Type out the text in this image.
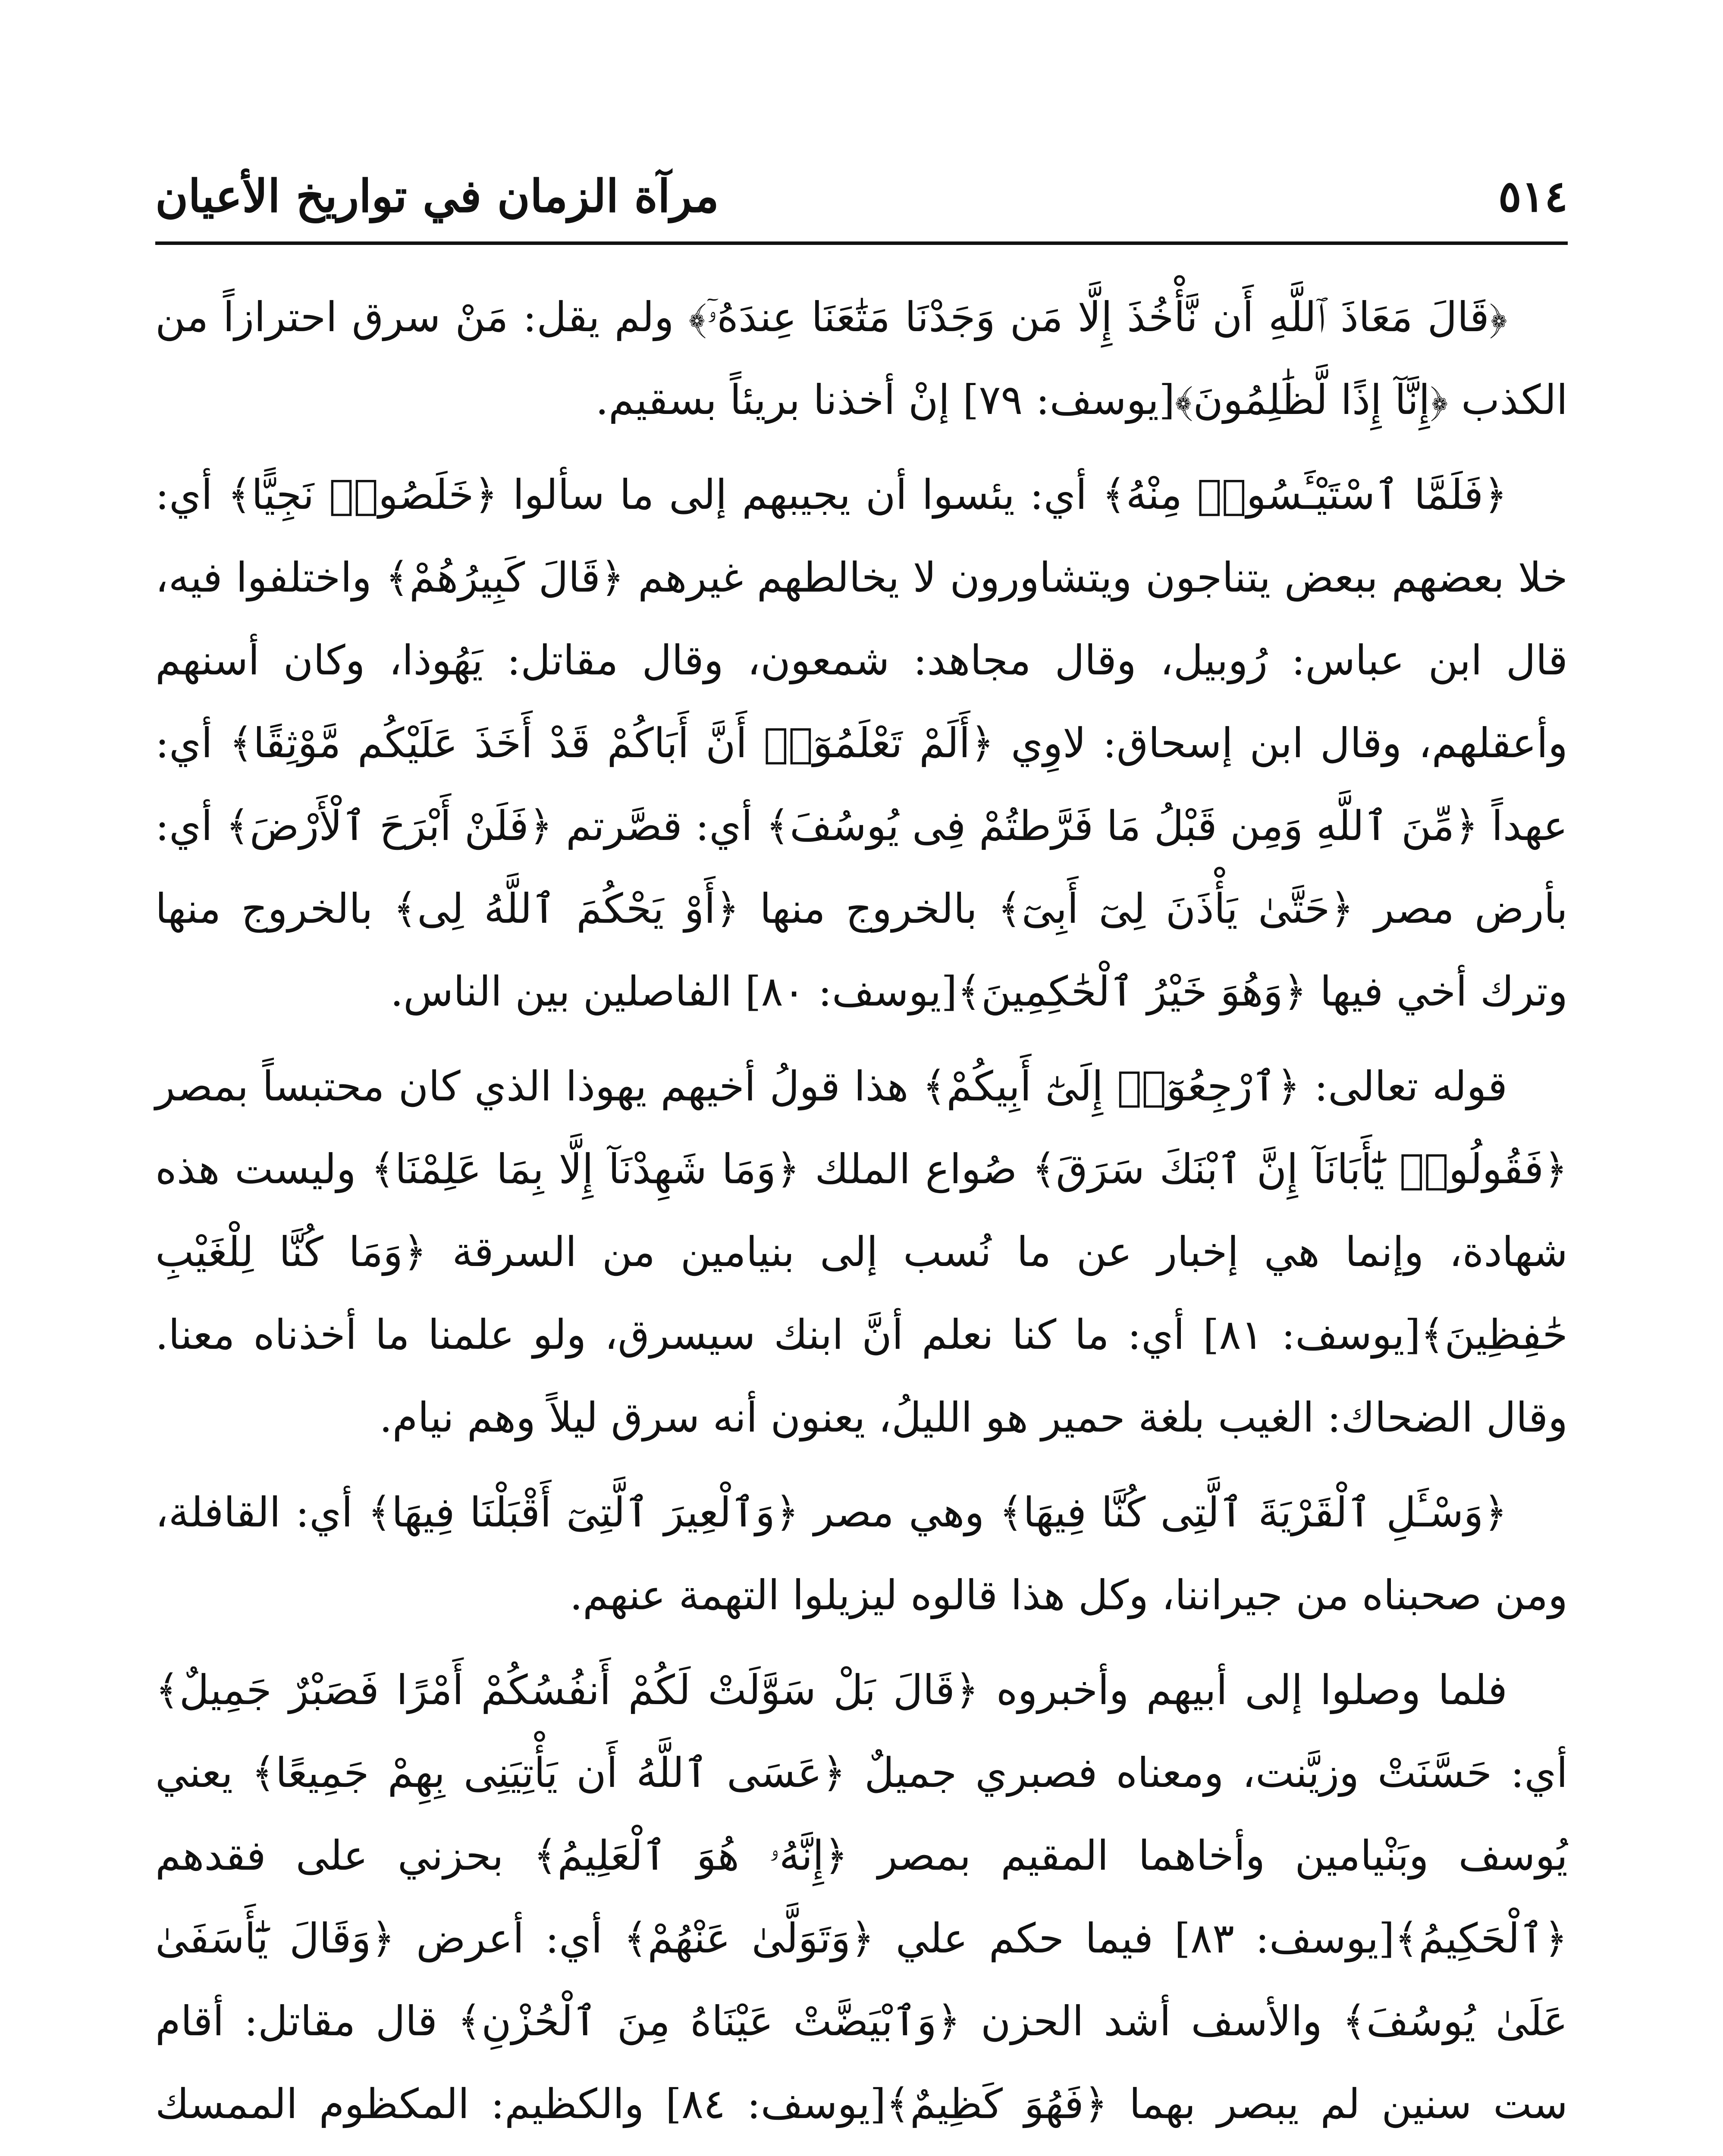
٥١٤
مرآة الزمان في تواريخ الأعيان

﴿قَالَ مَعَاذَ ٱللَّهِ أَن نَّأْخُذَ إِلَّا مَن وَجَدْنَا مَتَٰعَنَا عِندَهُۥٓ﴾ ولم يقل: مَنْ سرق احترازاً من الكذب ﴿إِنَّآ إِذًا لَّظَٰلِمُونَ﴾[يوسف: ٧٩] إنْ أخذنا بريئاً بسقيم.

﴿فَلَمَّا ٱسْتَيْـَٔسُوا۟ مِنْهُ﴾ أي: يئسوا أن يجيبهم إلى ما سألوا ﴿خَلَصُوا۟ نَجِيًّا﴾ أي: خلا بعضهم ببعض يتناجون ويتشاورون لا يخالطهم غيرهم ﴿قَالَ كَبِيرُهُمْ﴾ واختلفوا فيه، قال ابن عباس: رُوبيل، وقال مجاهد: شمعون، وقال مقاتل: يَهُوذا، وكان أسنهم وأعقلهم، وقال ابن إسحاق: لاوِي ﴿أَلَمْ تَعْلَمُوٓا۟ أَنَّ أَبَاكُمْ قَدْ أَخَذَ عَلَيْكُم مَّوْثِقًا﴾ أي: عهداً ﴿مِّنَ ٱللَّهِ وَمِن قَبْلُ مَا فَرَّطتُمْ فِى يُوسُفَ﴾ أي: قصَّرتم ﴿فَلَنْ أَبْرَحَ ٱلْأَرْضَ﴾ أي: بأرض مصر ﴿حَتَّىٰ يَأْذَنَ لِىٓ أَبِىٓ﴾ بالخروج منها ﴿أَوْ يَحْكُمَ ٱللَّهُ لِى﴾ بالخروج منها وترك أخي فيها ﴿وَهُوَ خَيْرُ ٱلْحَٰكِمِينَ﴾[يوسف: ٨٠] الفاصلين بين الناس.

قوله تعالى: ﴿ٱرْجِعُوٓا۟ إِلَىٰٓ أَبِيكُمْ﴾ هذا قولُ أخيهم يهوذا الذي كان محتبساً بمصر ﴿فَقُولُوا۟ يَٰٓأَبَانَآ إِنَّ ٱبْنَكَ سَرَقَ﴾ صُواع الملك ﴿وَمَا شَهِدْنَآ إِلَّا بِمَا عَلِمْنَا﴾ وليست هذه شهادة، وإنما هي إخبار عن ما نُسب إلى بنيامين من السرقة ﴿وَمَا كُنَّا لِلْغَيْبِ حَٰفِظِينَ﴾[يوسف: ٨١] أي: ما كنا نعلم أنَّ ابنك سيسرق، ولو علمنا ما أخذناه معنا. وقال الضحاك: الغيب بلغة حمير هو الليلُ، يعنون أنه سرق ليلاً وهم نيام.

﴿وَسْـَٔلِ ٱلْقَرْيَةَ ٱلَّتِى كُنَّا فِيهَا﴾ وهي مصر ﴿وَٱلْعِيرَ ٱلَّتِىٓ أَقْبَلْنَا فِيهَا﴾ أي: القافلة، ومن صحبناه من جيراننا، وكل هذا قالوه ليزيلوا التهمة عنهم.

فلما وصلوا إلى أبيهم وأخبروه ﴿قَالَ بَلْ سَوَّلَتْ لَكُمْ أَنفُسُكُمْ أَمْرًا فَصَبْرٌ جَمِيلٌ﴾ أي: حَسَّنَتْ وزيَّنت، ومعناه فصبري جميلٌ ﴿عَسَى ٱللَّهُ أَن يَأْتِيَنِى بِهِمْ جَمِيعًا﴾ يعني يُوسف وبَنْيامين وأخاهما المقيم بمصر ﴿إِنَّهُۥ هُوَ ٱلْعَلِيمُ﴾ بحزني على فقدهم ﴿ٱلْحَكِيمُ﴾[يوسف: ٨٣] فيما حكم علي ﴿وَتَوَلَّىٰ عَنْهُمْ﴾ أي: أعرض ﴿وَقَالَ يَٰٓأَسَفَىٰ عَلَىٰ يُوسُفَ﴾ والأسف أشد الحزن ﴿وَٱبْيَضَّتْ عَيْنَاهُ مِنَ ٱلْحُزْنِ﴾ قال مقاتل: أقام ست سنين لم يبصر بهما ﴿فَهُوَ كَظِيمٌ﴾[يوسف: ٨٤] والكظيم: المكظوم الممسك
